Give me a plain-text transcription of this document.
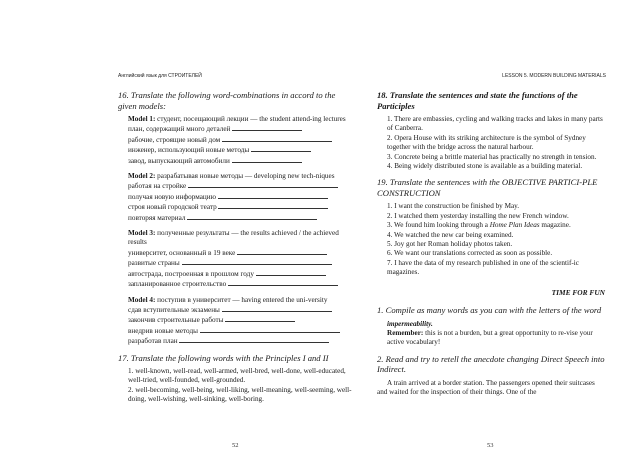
Английский язык для СТРОИТЕЛЕЙ	LESSON 5. MODERN BUILDING MATERIALS
16. Translate the following word-combinations in accord to the given models:
Model 1: студент, посещающий лекции — the student attend-ing lectures
план, содержащий много деталей
рабочие, строящие новый дом
инженер, использующий новые методы
завод, выпускающий автомобили
Model 2: разрабатывая новые методы — developing new tech-niques
работая на стройке
получая новую информацию
строя новый городской театр
повторяя материал
Model 3: полученные результаты — the results achieved / the achieved results
университет, основанный в 19 веке
развитые страны
автострада, построенная в прошлом году
запланированное строительство
Model 4: поступив в университет — having entered the uni-versity
сдав вступительные экзамены
закончив строительные работы
внедрив новые методы
разработав план
17. Translate the following words with the Principles I and II
1. well-known, well-read, well-armed, well-bred, well-done, well-educated, well-tried, well-founded, well-grounded.
2. well-becoming, well-being, well-liking, well-meaning, well-seeming, well-doing, well-wishing, well-sinking, well-boring.
18. Translate the sentences and state the functions of the Participles
1. There are embassies, cycling and walking tracks and lakes in many parts of Canberra.
2. Opera House with its striking architecture is the symbol of Sydney together with the bridge across the natural harbour.
3. Concrete being a brittle material has practically no strength in tension.
4. Being widely distributed stone is available as a building material.
19. Translate the sentences with the OBJECTIVE PARTICI-PLE CONSTRUCTION
1. I want the construction be finished by May.
2. I watched them yesterday installing the new French window.
3. We found him looking through a Home Plan Ideas magazine.
4. We watched the new car being examined.
5. Joy got her Roman holiday photos taken.
6. We want our translations corrected as soon as possible.
7. I have the data of my research published in one of the scientif-ic magazines.
TIME FOR FUN
1. Compile as many words as you can with the letters of the word
impermeability.
Remember: this is not a burden, but a great opportunity to re-vise your active vocabulary!
2. Read and try to retell the anecdote changing Direct Speech into Indirect.
A train arrived at a border station. The passengers opened their suitcases and waited for the inspection of their things. One of the
52	53
